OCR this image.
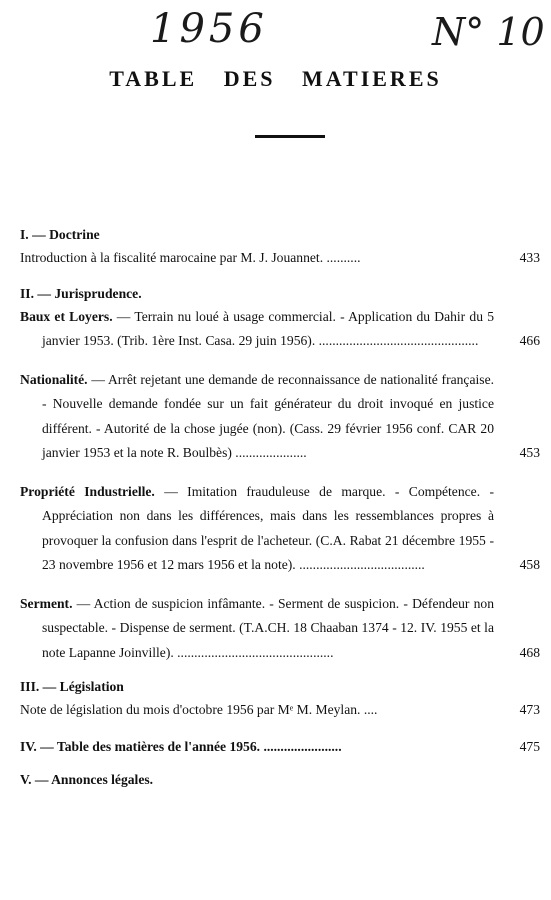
1956	N° 10
TABLE DES MATIERES
I. — Doctrine
Introduction à la fiscalité marocaine par M. J. Jouannet. ..........	433
II. — Jurisprudence.
Baux et Loyers. — Terrain nu loué à usage commercial. - Application du Dahir du 5 janvier 1953. (Trib. 1ère Inst. Casa. 29 juin 1956). ...............................................	466
Nationalité. — Arrêt rejetant une demande de reconnaissance de nationalité française. - Nouvelle demande fondée sur un fait générateur du droit invoqué en justice différent. - Autorité de la chose jugée (non). (Cass. 29 février 1956 conf. CAR 20 janvier 1953 et la note R. Boulbès) .....................	453
Propriété Industrielle. — Imitation frauduleuse de marque. - Compétence. - Appréciation non dans les différences, mais dans les ressemblances propres à provoquer la confusion dans l'esprit de l'acheteur. (C.A. Rabat 21 décembre 1955 - 23 novembre 1956 et 12 mars 1956 et la note). .....................................	458
Serment. — Action de suspicion infâmante. - Serment de suspicion. - Défendeur non suspectable. - Dispense de serment. (T.A.CH. 18 Chaaban 1374 - 12. IV. 1955 et la note Lapanne Joinville). ..............................................	468
III. — Législation
Note de législation du mois d'octobre 1956 par Mᵉ M. Meylan. ....	473
IV. — Table des matières de l'année 1956. .......................	475
V. — Annonces légales.
